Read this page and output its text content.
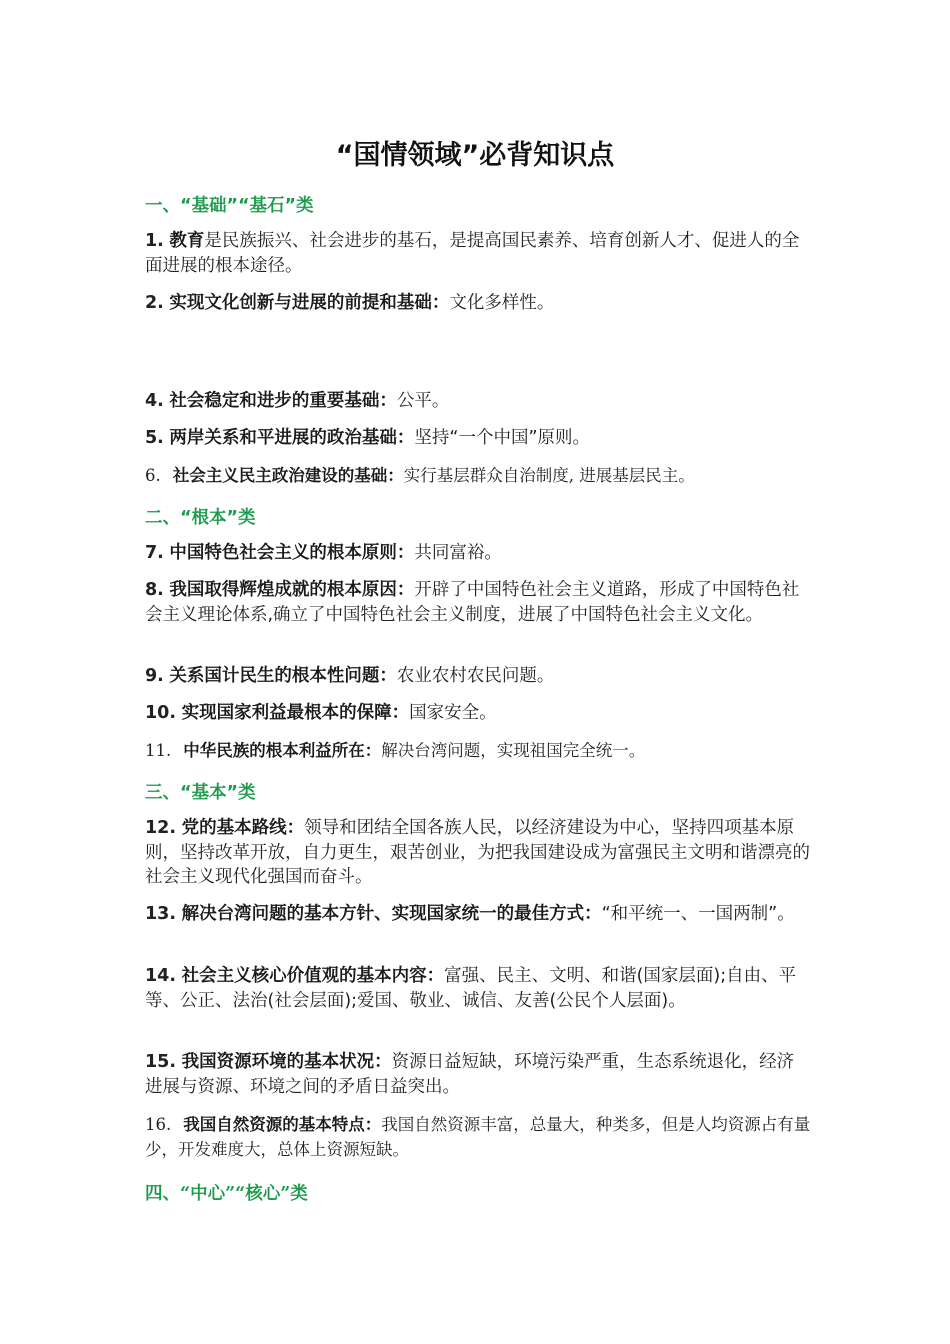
“国情领域”必背知识点
一、“基础”“基石”类
1. 教育是民族振兴、社会进步的基石，是提高国民素养、培育创新人才、促进人的全面进展的根本途径。
2. 实现文化创新与进展的前提和基础：文化多样性。
4. 社会稳定和进步的重要基础：公平。
5. 两岸关系和平进展的政治基础：坚持“一个中国”原则。
6. 社会主义民主政治建设的基础：实行基层群众自治制度, 进展基层民主。
二、“根本”类
7. 中国特色社会主义的根本原则：共同富裕。
8. 我国取得辉煌成就的根本原因：开辟了中国特色社会主义道路，形成了中国特色社会主义理论体系,确立了中国特色社会主义制度，进展了中国特色社会主义文化。
9. 关系国计民生的根本性问题：农业农村农民问题。
10. 实现国家利益最根本的保障：国家安全。
11. 中华民族的根本利益所在：解决台湾问题，实现祖国完全统一。
三、“基本”类
12. 党的基本路线：领导和团结全国各族人民，以经济建设为中心，坚持四项基本原则，坚持改革开放，自力更生，艰苦创业，为把我国建设成为富强民主文明和谐漂亮的社会主义现代化强国而奋斗。
13. 解决台湾问题的基本方针、实现国家统一的最佳方式：“和平统一、一国两制”。
14. 社会主义核心价值观的基本内容：富强、民主、文明、和谐(国家层面);自由、平等、公正、法治(社会层面);爱国、敬业、诚信、友善(公民个人层面)。
15. 我国资源环境的基本状况：资源日益短缺，环境污染严重，生态系统退化，经济进展与资源、环境之间的矛盾日益突出。
16. 我国自然资源的基本特点：我国自然资源丰富，总量大，种类多，但是人均资源占有量少，开发难度大，总体上资源短缺。
四、“中心”“核心”类
